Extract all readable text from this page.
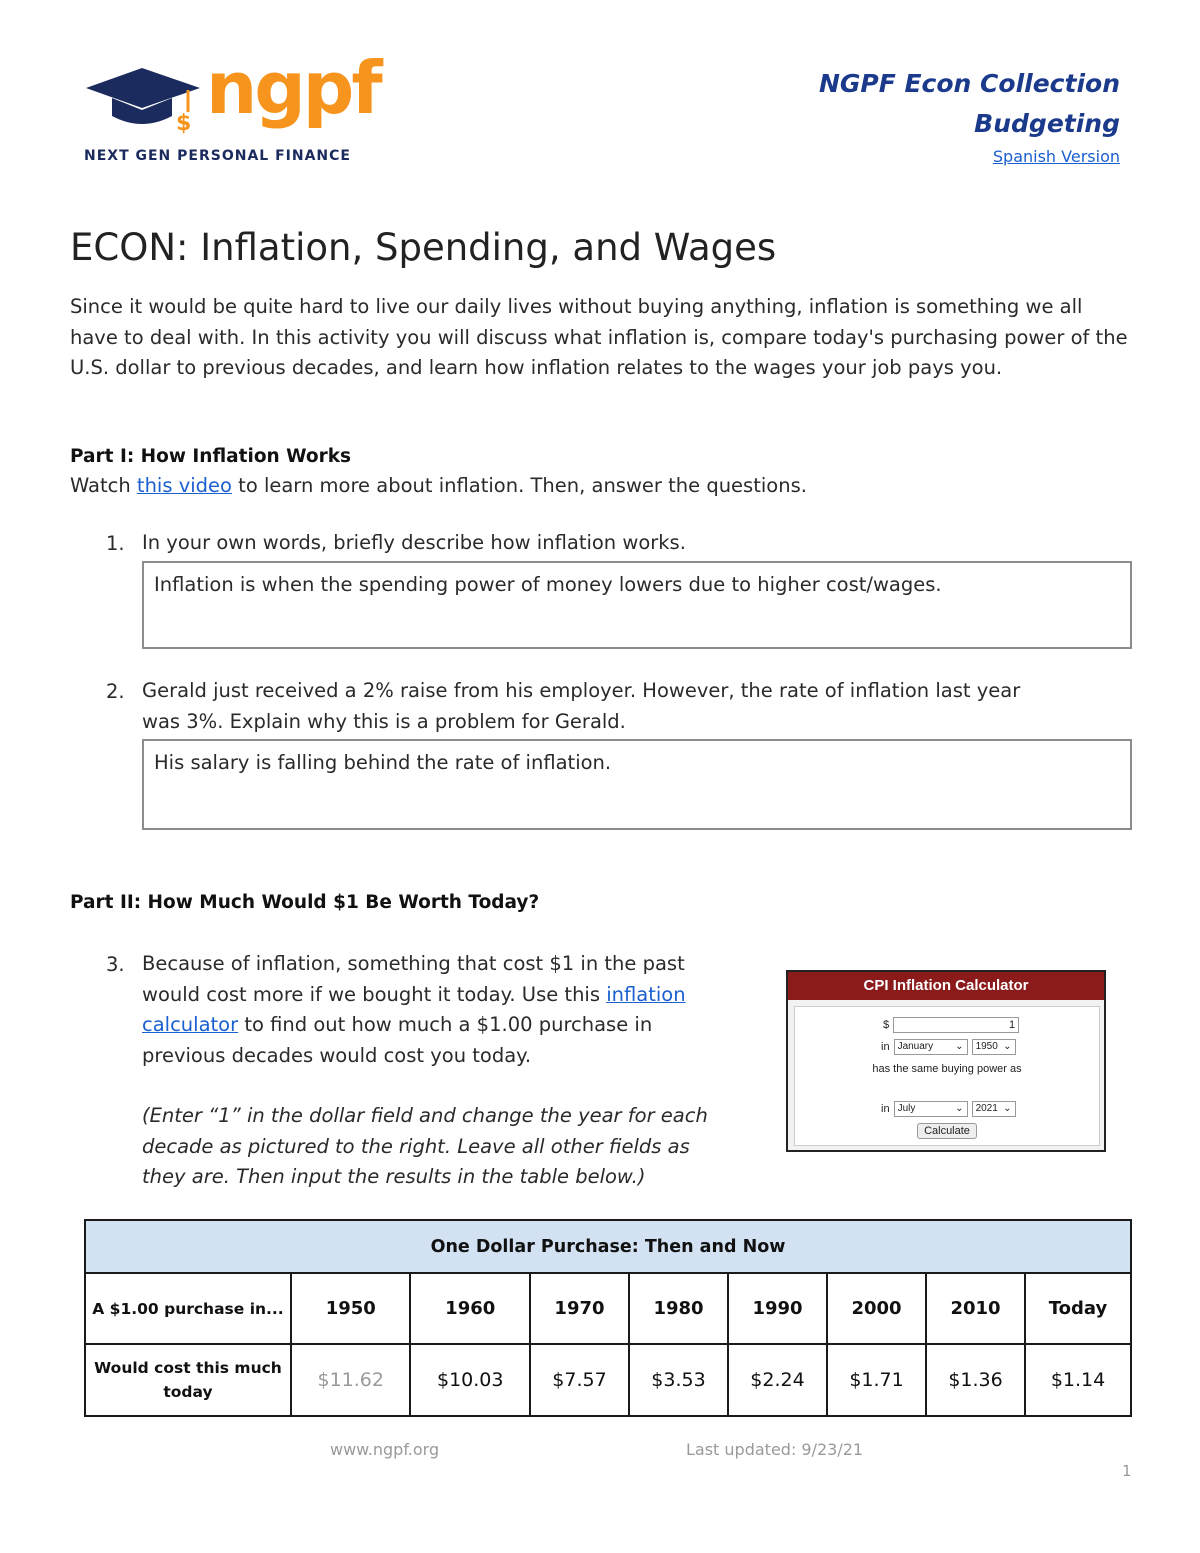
$ ngpf
NEXT GEN PERSONAL FINANCE
NGPF Econ Collection
Budgeting
Spanish Version
ECON: Inflation, Spending, and Wages
Since it would be quite hard to live our daily lives without buying anything, inflation is something we all have to deal with. In this activity you will discuss what inflation is, compare today's purchasing power of the U.S. dollar to previous decades, and learn how inflation relates to the wages your job pays you.
Part I: How Inflation Works
Watch this video to learn more about inflation. Then, answer the questions.
1. In your own words, briefly describe how inflation works.
Inflation is when the spending power of money lowers due to higher cost/wages.
2. Gerald just received a 2% raise from his employer. However, the rate of inflation last year
was 3%. Explain why this is a problem for Gerald.
His salary is falling behind the rate of inflation.
Part II: How Much Would $1 Be Worth Today?
3. Because of inflation, something that cost $1 in the past
would cost more if we bought it today. Use this inflation
calculator to find out how much a $1.00 purchase in
previous decades would cost you today.
(Enter “1” in the dollar field and change the year for each
decade as pictured to the right. Leave all other fields as
they are. Then input the results in the table below.)
CPI Inflation Calculator
$	1
in January ⌄ 1950 ⌄
has the same buying power as
in July	⌄ 2021 ⌄
Calculate
One Dollar Purchase: Then and Now								
A $1.00 purchase in...	1950	1960	1970	1980	1990	2000	2010	Today
Would cost this much today	$11.62	$10.03	$7.57	$3.53	$2.24	$1.71	$1.36	$1.14
www.ngpf.org	Last updated: 9/23/21
1
